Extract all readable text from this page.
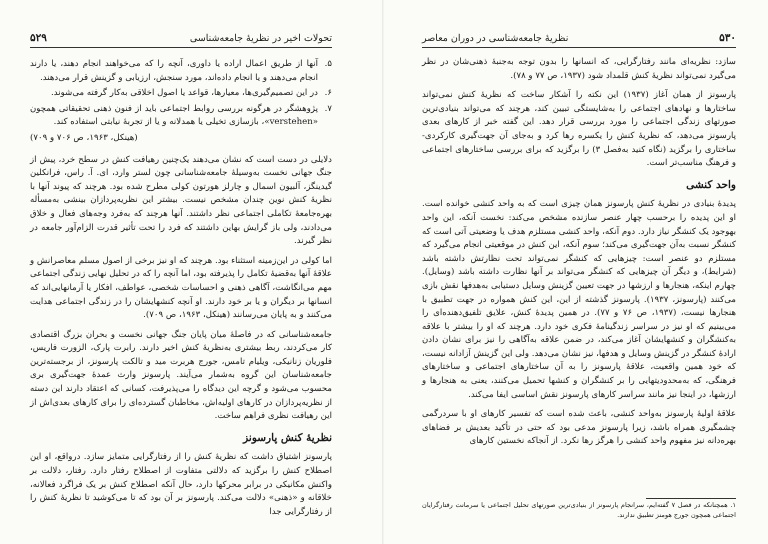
تحولات اخیر در نظریهٔ جامعه‌شناسی
۵۲۹
۵.
آنها از طریق اعمال اراده یا داوری، آنچه را که می‌خواهند انجام دهند، یا دارند انجام می‌دهند و یا انجام داده‌اند، مورد سنجش، ارزیابی و گزینش قرار می‌دهند.
۶.
در این تصمیم‌گیری‌ها، معیارها، قواعد یا اصول اخلاقی به‌کار گرفته می‌شوند.
۷.
پژوهشگر در هرگونه بررسی روابط اجتماعی باید از فنون ذهنی تحقیقاتی همچون «verstehen»، بازسازی تخیلی یا همدلانه و یا از تجربهٔ نیابتی استفاده کند.
(هینکل، ۱۹۶۳، ص ۷۰۶ و ۷۰۹)

دلایلی در دست است که نشان می‌دهند یک‌چنین رهیافت کنش در سطح خرد، پیش از جنگ جهانی نخست به‌وسیلهٔ جامعه‌شناسانی چون لستر وارد، ای. آ. راس، فرانکلین گیدینگز، آلبیون اسمال و چارلز هورتون کولی مطرح شده بود. هرچند که پیوند آنها با نظریهٔ کنش نوین چندان مشخص نیست. بیشتر این نظریه‌پردازان بینشی به‌مسأله بهره‌جامعهٔ تکاملی اجتماعی نظر داشتند. آنها هرچند که به‌فرد وجه‌های فعال و خلاق می‌دادند، ولی باز گرایش بهاین داشتند که فرد را تحت تأثیر قدرت الزام‌آور جامعه در نظر گیرند.

اما کولی در این‌زمینه استثناء بود. هرچند که او نیز برخی از اصول مسلم معاصرانش و علاقهٔ آنها به‌قضیهٔ تکامل را پذیرفته بود، اما آنچه را که در تحلیل نهایی زندگی اجتماعی مهم می‌انگاشت، آگاهی ذهنی و احساسات شخصی، عواطف، افکار یا آرمانهایی‌اند که انسانها بر دیگران و یا بر خود دارند. او آنچه کنشهایشان را در زندگی اجتماعی هدایت می‌کنند و به پایان می‌رسانند (هینکل، ۱۹۶۳، ص ۷۰۹).

جامعه‌شناسانی که در فاصلهٔ میان پایان جنگ جهانی نخست و بحران بزرگ اقتصادی کار می‌کردند، ربط بیشتری به‌نظریهٔ کنش اخیر دارند. رابرت پارک، الزورت فاریس، فلوریان زنانیکی، ویلیام تامس، جورج هربرت مید و تالکت پارسونز، از برجسته‌ترین جامعه‌شناسان این گروه به‌شمار می‌آیند. پارسونز وارث عمدهٔ جهت‌گیری بری محسوب می‌شود و گرچه این دیدگاه را می‌پذیرفت، کسانی که اعتقاد دارند این دسته از نظریه‌پردازان در کارهای اولیه‌اش، مخاطبان گسترده‌ای را برای کارهای بعدی‌اش از این رهیافت نظری فراهم ساخت.

نظریهٔ کنش پارسونز

پارسونز اشتیاق داشت که نظریهٔ کنش را از رفتارگرایی متمایز سازد. درواقع، او این اصطلاح کنش را برگزید که دلالتی متفاوت از اصطلاح رفتار دارد. رفتار، دلالت بر واکنش مکانیکی در برابر محرکها دارد، حال آنکه اصطلاح کنش بر یک فراگرد فعالانه، خلاقانه و «ذهنی» دلالت می‌کند. پارسونز بر آن بود که تا می‌کوشید تا نظریهٔ کنش را از رفتارگرایی جدا

۵۳۰
نظریهٔ جامعه‌شناسی در دوران معاصر

سازد: نظریه‌ای مانند رفتارگرایی، که انسانها را بدون توجه به‌جنبهٔ ذهنی‌شان در نظر می‌گیرد نمی‌تواند نظریهٔ کنش قلمداد شود (۱۹۳۷، ص ۷۷ و ۷۸).

پارسونز از همان آغاز (۱۹۳۷) این نکته را آشکار ساخت که نظریهٔ کنش نمی‌تواند ساختارها و نهادهای اجتماعی را به‌شایستگی تبیین کند، هرچند که می‌تواند بنیادی‌ترین صورتهای زندگی اجتماعی را مورد بررسی قرار دهد. این گفته خبر از کارهای بعدی پارسونز می‌دهد، که نظریهٔ کنش را یکسره رها کرد و به‌جای آن جهت‌گیری کارکردی-ساختاری را برگزید (نگاه کنید به‌فصل ۳) را برگزید که برای بررسی ساختارهای اجتماعی و فرهنگ مناسب‌تر است.

واحد کنشی

پدیدهٔ بنیادی در نظریهٔ کنش پارسونز همان چیزی است که به‌ واحد کنشی خوانده است. او این پدیده را برحسب چهار عنصر سازنده مشخص می‌کند: نخست آنکه، این واحد بهوجود یک کنشگر نیاز دارد. دوم آنکه، واحد کنشی مستلزم هدف یا وضعیتی آتی است که کنشگر نسبت به‌آن جهت‌گیری می‌کند؛ سوم آنکه، این کنش در موقعیتی انجام می‌گیرد که مستلزم دو عنصر است: چیزهایی که کنشگر نمی‌تواند تحت نظارتش داشته باشد (شرایط)، و دیگر آن چیزهایی که کنشگر می‌تواند بر آنها نظارت داشته باشد (وسایل). چهارم اینکه، هنجارها و ارزشها در جهت تعیین گزینش وسایل دستیابی به‌هدفها نقش بازی می‌کنند (پارسونز، ۱۹۳۷). پارسونز گذشته از این، این کنش همواره در جهت تطبیق با هنجارها نیست، (۱۹۳۷، ص ۷۶ و ۷۷). در همین پدیدهٔ کنش، علایق تلفیق‌دهنده‌ای را می‌بینیم که او نیز در سراسر زندگینامهٔ فکری خود دارد. هرچند که او را بیشتر با علاقه به‌کنشگران و کنشهایشان آغاز می‌کند، در ضمن علاقه به‌آگاهی را نیز برای نشان دادن ارادهٔ کنشگر در گزینش وسایل و هدفها، نیز نشان می‌دهد. ولی این گزینش آزادانه نیست، که خود همین واقعیت، علاقهٔ پارسونز را به‌ آن ساختارهای اجتماعی و ساختارهای فرهنگی، که به‌محدودیتهایی را بر کنشگران و کنشها تحمیل می‌کنند، یعنی به هنجارها و ارزشها، در اینجا نیز مانند سراسر کارهای پارسونز نقش اساسی ایفا می‌کند.

علاقهٔ اولیهٔ پارسونز به‌واحد کنشی، باعث شده است که تفسیر کارهای او با سردرگمی چشمگیری همراه باشد، زیرا پارسونز مدعی بود که حتی در تأکید بعدیش بر فضاهای بهره‌دانه نیز مفهوم واحد کنشی را هرگز رها نکرد. از آنجاکه نخستین کارهای

۱. همچنانکه در فصل ۷ گفته‌ایم، سرانجام پارسونز از بنیادی‌ترین صورتهای تحلیل اجتماعی یا سرمانت رفتارگرایان اجتماعی همچون جورج هومنز تطبیق ندارند.
